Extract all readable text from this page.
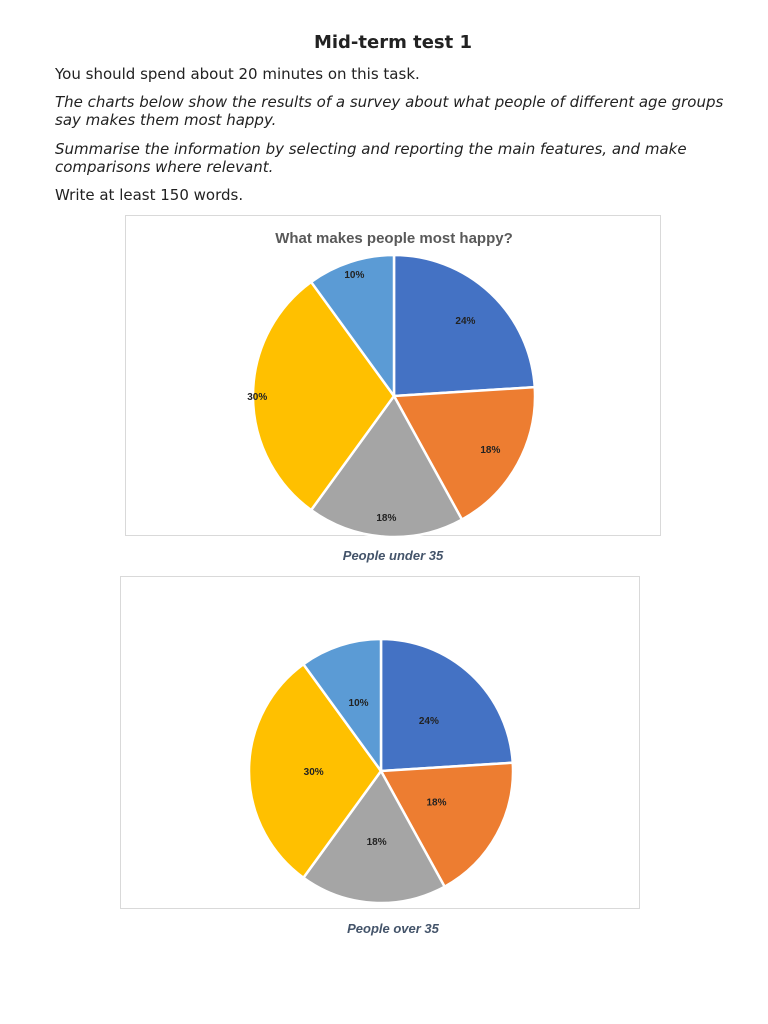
Mid-term test 1

You should spend about 20 minutes on this task.

The charts below show the results of a survey about what people of different age groups say makes them most happy.

Summarise the information by selecting and reporting the main features, and make comparisons where relevant.

Write at least 150 words.

What makes people most happy?
24%
18%
18%
30%
10%
People under 35
24%
18%
18%
30%
10%
People over 35
